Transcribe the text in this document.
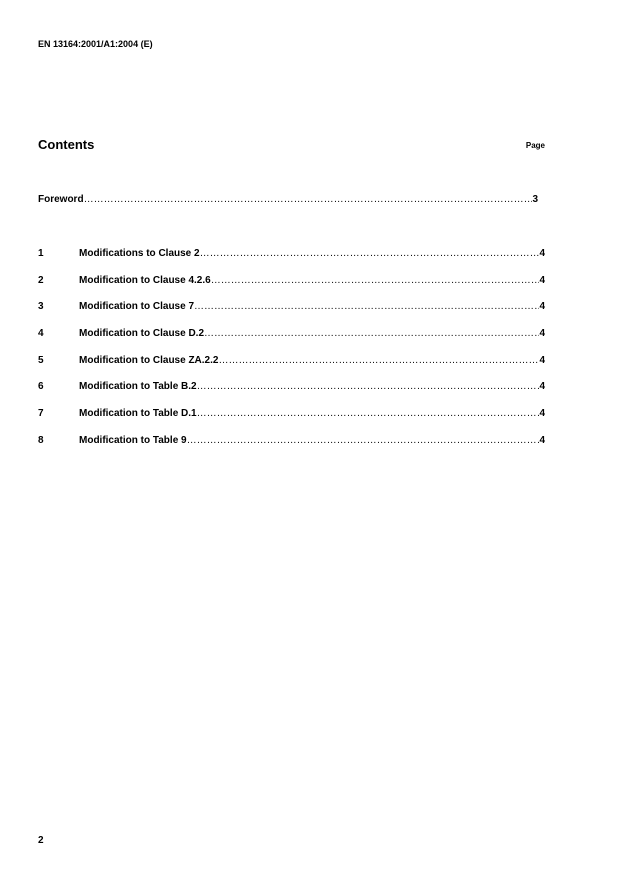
EN 13164:2001/A1:2004 (E)
Contents	Page
Foreword ………………………………………………………………………………………………………………………………………………………………………………………………………………	3
1	Modifications to Clause 2 ………………………………………………………………………………………………………………………………………………………………………………………………………………	4
2	Modification to Clause 4.2.6 ………………………………………………………………………………………………………………………………………………………………………………………………………………	4
3	Modification to Clause 7 ………………………………………………………………………………………………………………………………………………………………………………………………………………	4
4	Modification to Clause D.2 ………………………………………………………………………………………………………………………………………………………………………………………………………………	4
5	Modification to Clause ZA.2.2 ………………………………………………………………………………………………………………………………………………………………………………………………………………	4
6	Modification to Table B.2 ………………………………………………………………………………………………………………………………………………………………………………………………………………	4
7	Modification to Table D.1 ………………………………………………………………………………………………………………………………………………………………………………………………………………	4
8	Modification to Table 9 ………………………………………………………………………………………………………………………………………………………………………………………………………………	4
2
